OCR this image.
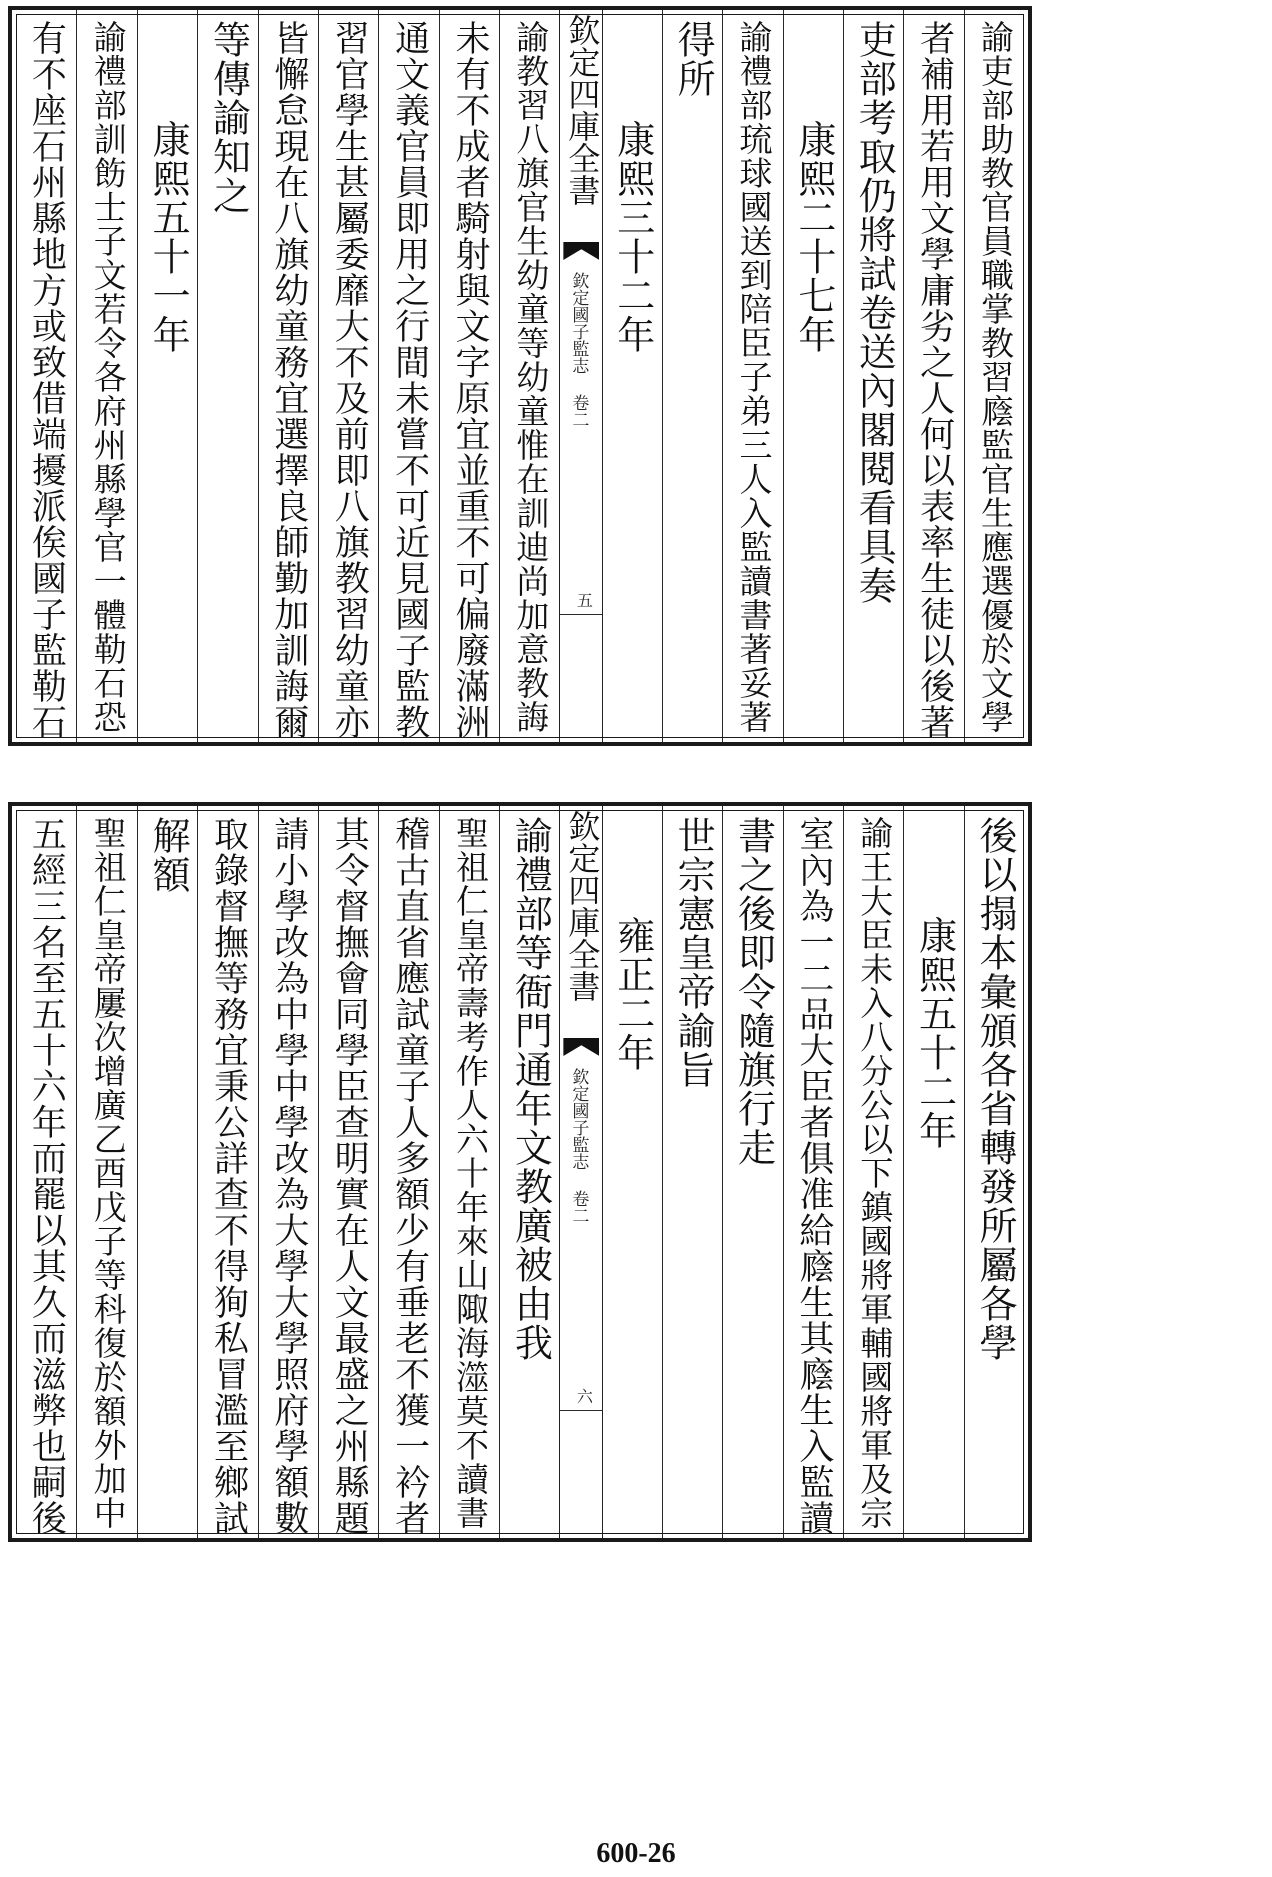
諭吏部助教官員職掌教習廕監官生應選優於文學
者補用若用文學庸劣之人何以表率生徒以後著
吏部考取仍將試卷送內閣閱看具奏
康熙二十七年
諭禮部琉球國送到陪臣子弟三人入監讀書著妥著
得所
康熙三十二年
欽定四庫全書
欽定國子監志 卷二
五
諭教習八旗官生幼童等幼童惟在訓迪尚加意教誨
未有不成者騎射與文字原宜並重不可偏廢滿洲
通文義官員即用之行間未嘗不可近見國子監教
習官學生甚屬委靡大不及前即八旗教習幼童亦
皆懈怠現在八旗幼童務宜選擇良師勤加訓誨爾
等傳諭知之
康熙五十一年
諭禮部訓飭士子文若令各府州縣學官一體勒石恐
有不座石州縣地方或致借端擾派俟國子監勒石
後以搨本彙頒各省轉發所屬各學
康熙五十二年
諭王大臣未入八分公以下鎮國將軍輔國將軍及宗
室內為一二品大臣者俱准給廕生其廕生入監讀
書之後即令隨旗行走
世宗憲皇帝諭旨
雍正二年
欽定四庫全書
欽定國子監志 卷二
六
諭禮部等衙門通年文教廣被由我
聖祖仁皇帝壽考作人六十年來山陬海澨莫不讀書
稽古直省應試童子人多額少有垂老不獲一衿者
其令督撫會同學臣查明實在人文最盛之州縣題
請小學改為中學中學改為大學大學照府學額數
取錄督撫等務宜秉公詳查不得狥私冒濫至鄉試
解額
聖祖仁皇帝屢次增廣乙酉戊子等科復於額外加中
五經三名至五十六年而罷以其久而滋弊也嗣後
600-26
